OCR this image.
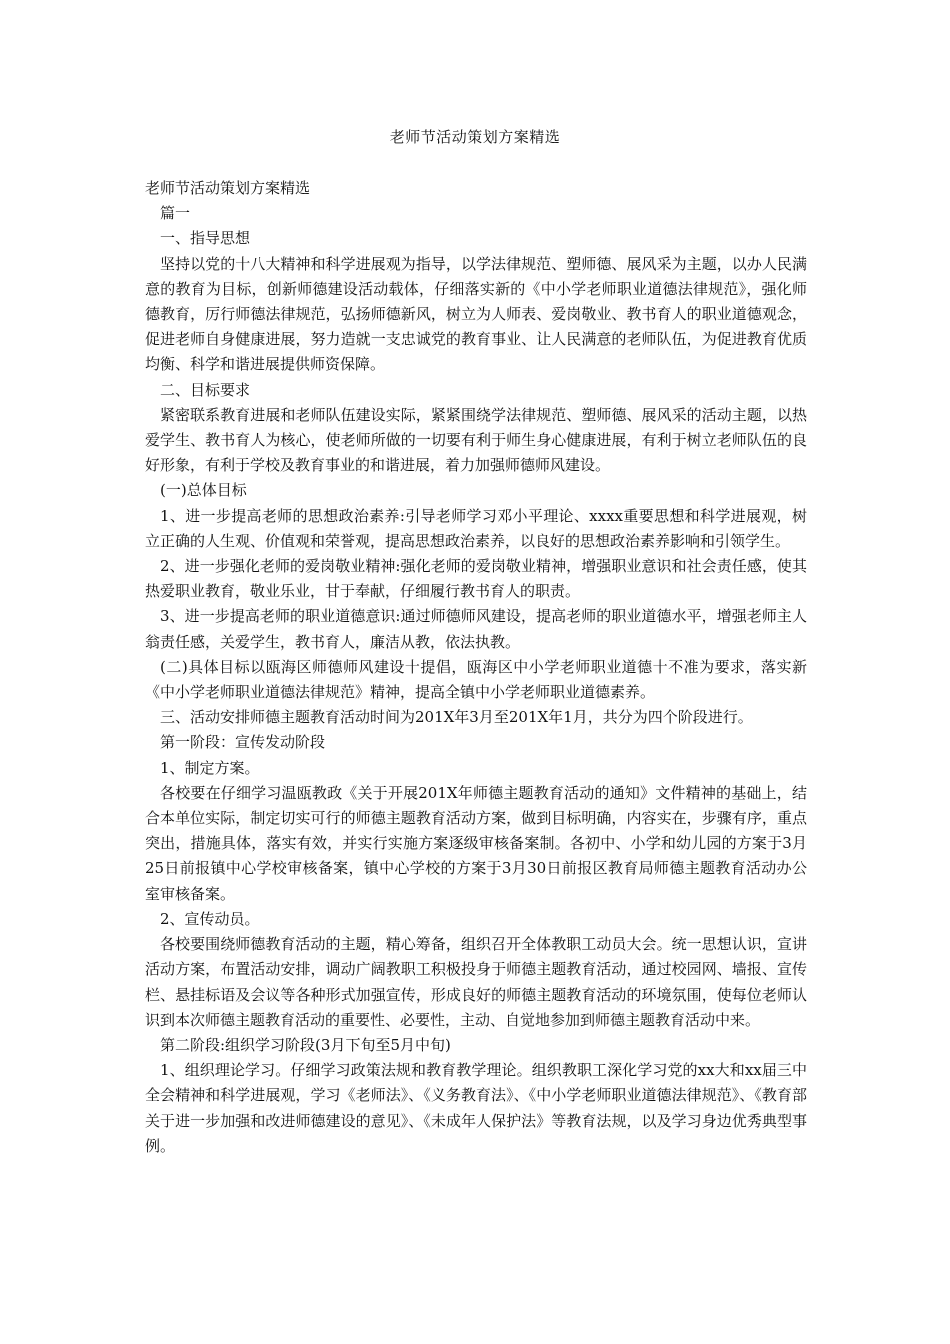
老师节活动策划方案精选

老师节活动策划方案精选

篇一

一、指导思想

坚持以党的十八大精神和科学进展观为指导，以学法律规范、塑师德、展风采为主题，以办人民满意的教育为目标，创新师德建设活动载体，仔细落实新的《中小学老师职业道德法律规范》，强化师德教育，厉行师德法律规范，弘扬师德新风，树立为人师表、爱岗敬业、教书育人的职业道德观念，促进老师自身健康进展，努力造就一支忠诚党的教育事业、让人民满意的老师队伍，为促进教育优质均衡、科学和谐进展提供师资保障。

二、目标要求

紧密联系教育进展和老师队伍建设实际，紧紧围绕学法律规范、塑师德、展风采的活动主题，以热爱学生、教书育人为核心，使老师所做的一切要有利于师生身心健康进展，有利于树立老师队伍的良好形象，有利于学校及教育事业的和谐进展，着力加强师德师风建设。

(一)总体目标

1、进一步提高老师的思想政治素养:引导老师学习邓小平理论、xxxx重要思想和科学进展观，树立正确的人生观、价值观和荣誉观，提高思想政治素养，以良好的思想政治素养影响和引领学生。

2、进一步强化老师的爱岗敬业精神:强化老师的爱岗敬业精神，增强职业意识和社会责任感，使其热爱职业教育，敬业乐业，甘于奉献，仔细履行教书育人的职责。

3、进一步提高老师的职业道德意识:通过师德师风建设，提高老师的职业道德水平，增强老师主人翁责任感，关爱学生，教书育人，廉洁从教，依法执教。

(二)具体目标以瓯海区师德师风建设十提倡，瓯海区中小学老师职业道德十不准为要求，落实新《中小学老师职业道德法律规范》精神，提高全镇中小学老师职业道德素养。

三、活动安排师德主题教育活动时间为201X年3月至201X年1月，共分为四个阶段进行。

第一阶段：宣传发动阶段

1、制定方案。

各校要在仔细学习温瓯教政《关于开展201X年师德主题教育活动的通知》文件精神的基础上，结合本单位实际，制定切实可行的师德主题教育活动方案，做到目标明确，内容实在，步骤有序，重点突出，措施具体，落实有效，并实行实施方案逐级审核备案制。各初中、小学和幼儿园的方案于3月25日前报镇中心学校审核备案，镇中心学校的方案于3月30日前报区教育局师德主题教育活动办公室审核备案。

2、宣传动员。

各校要围绕师德教育活动的主题，精心筹备，组织召开全体教职工动员大会。统一思想认识，宣讲活动方案，布置活动安排，调动广阔教职工积极投身于师德主题教育活动，通过校园网、墙报、宣传栏、悬挂标语及会议等各种形式加强宣传，形成良好的师德主题教育活动的环境氛围，使每位老师认识到本次师德主题教育活动的重要性、必要性，主动、自觉地参加到师德主题教育活动中来。

第二阶段:组织学习阶段(3月下旬至5月中旬)

1、组织理论学习。仔细学习政策法规和教育教学理论。组织教职工深化学习党的xx大和xx届三中全会精神和科学进展观，学习《老师法》、《义务教育法》、《中小学老师职业道德法律规范》、《教育部关于进一步加强和改进师德建设的意见》、《未成年人保护法》等教育法规，以及学习身边优秀典型事例。
